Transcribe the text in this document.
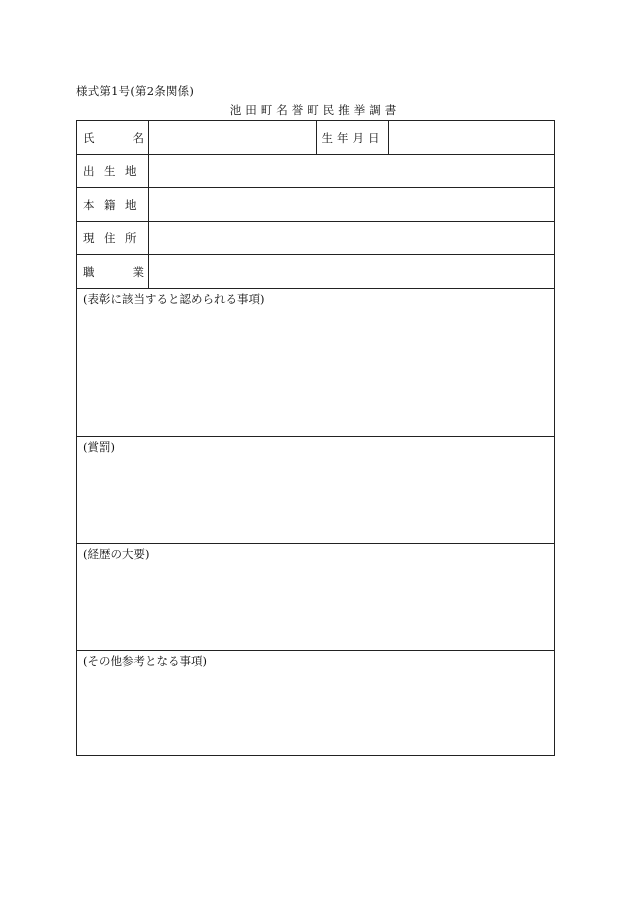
様式第1号(第2条関係)
池田町名誉町民推挙調書
氏名	生年月日
出生地
本籍地
現住所
職業
(表彰に該当すると認められる事項)
(賞罰)
(経歴の大要)
(その他参考となる事項)
